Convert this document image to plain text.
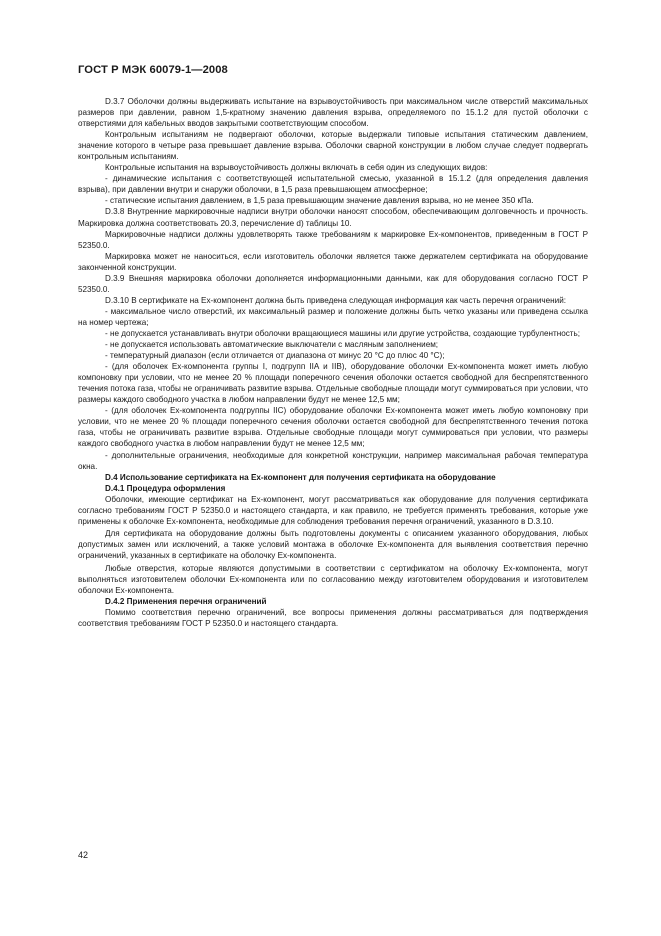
ГОСТ Р МЭК 60079-1—2008

D.3.7 Оболочки должны выдерживать испытание на взрывоустойчивость при максимальном числе отверстий максимальных размеров при давлении, равном 1,5-кратному значению давления взрыва, определяемого по 15.1.2 для пустой оболочки с отверстиями для кабельных вводов закрытыми соответствующим способом.

Контрольным испытаниям не подвергают оболочки, которые выдержали типовые испытания статическим давлением, значение которого в четыре раза превышает давление взрыва. Оболочки сварной конструкции в любом случае следует подвергать контрольным испытаниям.

Контрольные испытания на взрывоустойчивость должны включать в себя один из следующих видов:

- динамические испытания с соответствующей испытательной смесью, указанной в 15.1.2 (для определения давления взрыва), при давлении внутри и снаружи оболочки, в 1,5 раза превышающем атмосферное;

- статические испытания давлением, в 1,5 раза превышающим значение давления взрыва, но не менее 350 кПа.

D.3.8 Внутренние маркировочные надписи внутри оболочки наносят способом, обеспечивающим долговечность и прочность. Маркировка должна соответствовать 20.3, перечисление d) таблицы 10.

Маркировочные надписи должны удовлетворять также требованиям к маркировке Ex-компонентов, приведенным в ГОСТ Р 52350.0.

Маркировка может не наноситься, если изготовитель оболочки является также держателем сертификата на оборудование законченной конструкции.

D.3.9 Внешняя маркировка оболочки дополняется информационными данными, как для оборудования согласно ГОСТ Р 52350.0.

D.3.10 В сертификате на Ex-компонент должна быть приведена следующая информация как часть перечня ограничений:

- максимальное число отверстий, их максимальный размер и положение должны быть четко указаны или приведена ссылка на номер чертежа;

- не допускается устанавливать внутри оболочки вращающиеся машины или другие устройства, создающие турбулентность;

- не допускается использовать автоматические выключатели с масляным заполнением;

- температурный диапазон (если отличается от диапазона от минус 20 °С до плюс 40 °С);

- (для оболочек Ex-компонента группы I, подгрупп IIA и IIB), оборудование оболочки Ex-компонента может иметь любую компоновку при условии, что не менее 20 % площади поперечного сечения оболочки остается свободной для беспрепятственного течения потока газа, чтобы не ограничивать развитие взрыва. Отдельные свободные площади могут суммироваться при условии, что размеры каждого свободного участка в любом направлении будут не менее 12,5 мм;

- (для оболочек Ex-компонента подгруппы IIC) оборудование оболочки Ex-компонента может иметь любую компоновку при условии, что не менее 20 % площади поперечного сечения оболочки остается свободной для беспрепятственного течения потока газа, чтобы не ограничивать развитие взрыва. Отдельные свободные площади могут суммироваться при условии, что размеры каждого свободного участка в любом направлении будут не менее 12,5 мм;

- дополнительные ограничения, необходимые для конкретной конструкции, например максимальная рабочая температура окна.

D.4 Использование сертификата на Ex-компонент для получения сертификата на оборудование

D.4.1 Процедура оформления

Оболочки, имеющие сертификат на Ex-компонент, могут рассматриваться как оборудование для получения сертификата согласно требованиям ГОСТ Р 52350.0 и настоящего стандарта, и как правило, не требуется применять требования, которые уже применены к оболочке Ex-компонента, необходимые для соблюдения требования перечня ограничений, указанного в D.3.10.

Для сертификата на оборудование должны быть подготовлены документы с описанием указанного оборудования, любых допустимых замен или исключений, а также условий монтажа в оболочке Ex-компонента для выявления соответствия перечню ограничений, указанных в сертификате на оболочку Ex-компонента.

Любые отверстия, которые являются допустимыми в соответствии с сертификатом на оболочку Ex-компонента, могут выполняться изготовителем оболочки Ex-компонента или по согласованию между изготовителем оборудования и изготовителем оболочки Ex-компонента.

D.4.2 Применения перечня ограничений

Помимо соответствия перечню ограничений, все вопросы применения должны рассматриваться для подтверждения соответствия требованиям ГОСТ Р 52350.0 и настоящего стандарта.

42
